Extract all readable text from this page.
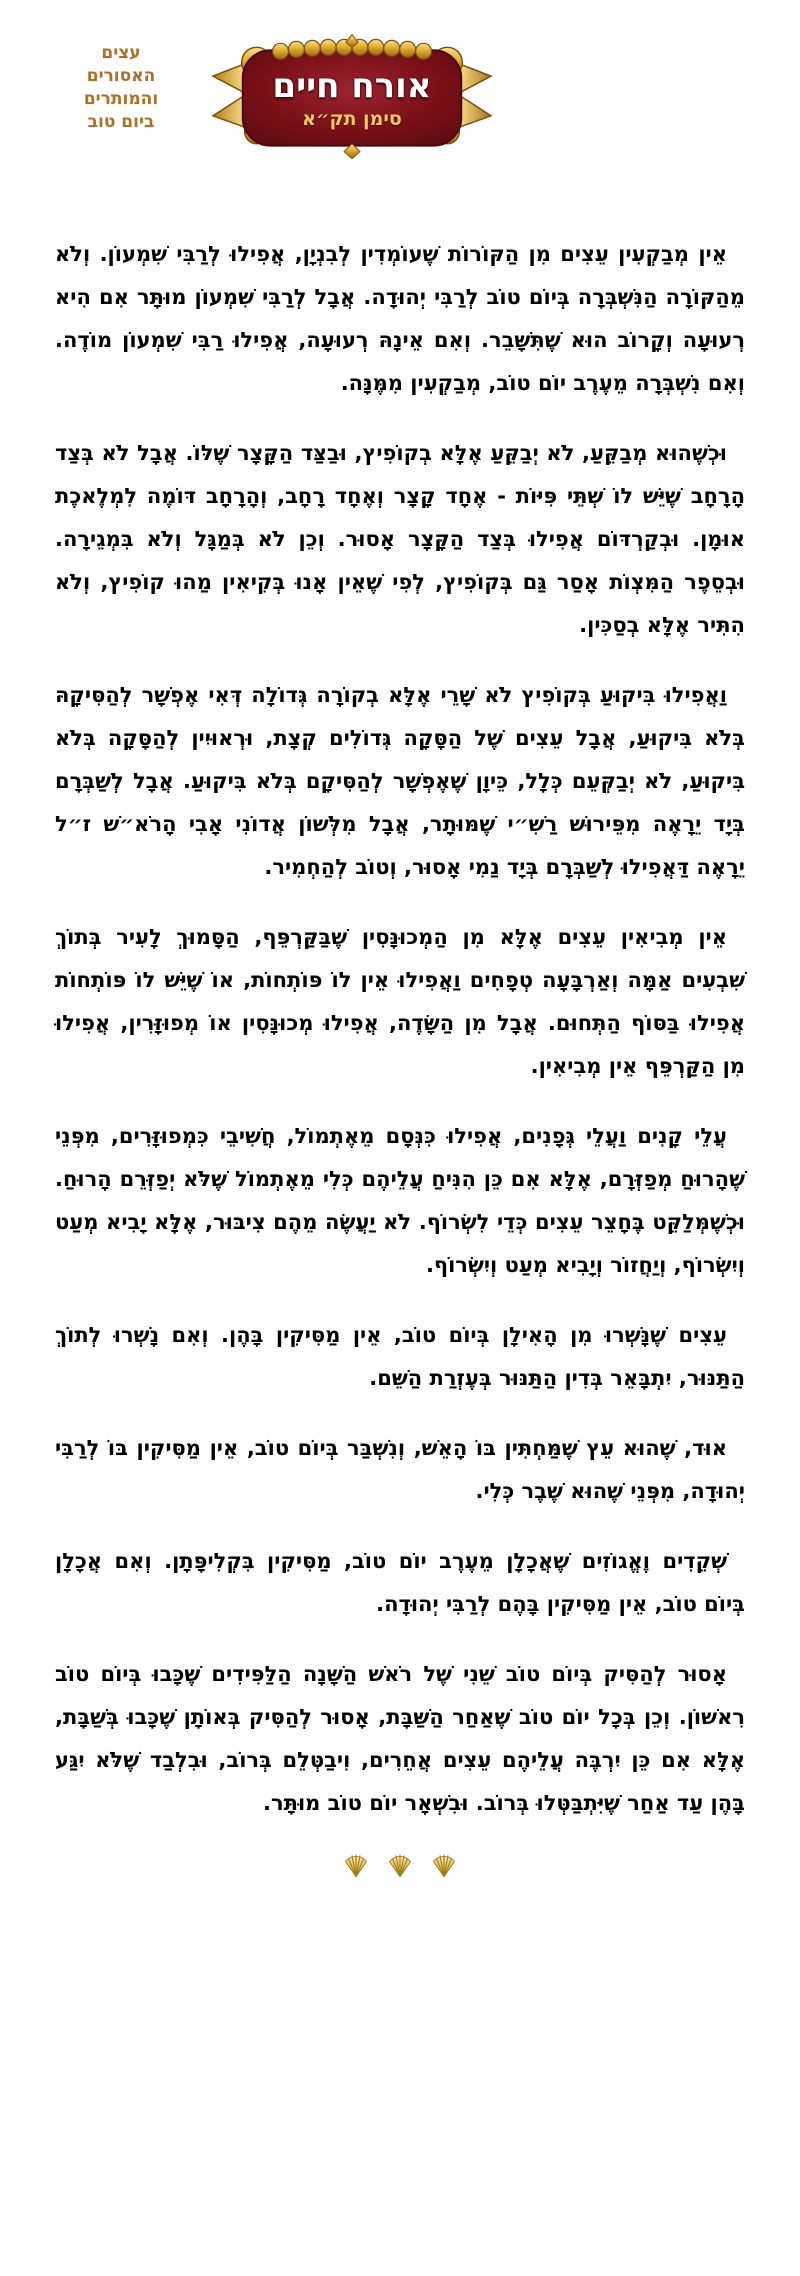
עצים
האסורים
והמותרים
ביום טוב
אורח חיים
סימן תק״א

אֵין מְבַקְעִין עֵצִים מִן הַקּוֹרוֹת שֶׁעוֹמְדִין לְבִנְיָן, אֲפִילוּ לְרַבִּי שִׁמְעוֹן. וְלֹא מֵהַקּוֹרָה הַנִּשְׁבְּרָה בְּיוֹם טוֹב לְרַבִּי יְהוּדָה. אֲבָל לְרַבִּי שִׁמְעוֹן מוּתָּר אִם הִיא רְעוּעָה וְקָרוֹב הוּא שֶׁתִּשָּׁבֵר. וְאִם אֵינָהּ רְעוּעָה, אֲפִילוּ רַבִּי שִׁמְעוֹן מוֹדֶה. וְאִם נִשְׁבְּרָה מֵעֶרֶב יוֹם טוֹב, מְבַקְעִין מִמֶּנָּה.

וּכְשֶׁהוּא מְבַקֵּעַ, לֹא יְבַקֵּעַ אֶלָּא בְקוֹפִיץ, וּבַצַּד הַקָּצָר שֶׁלּוֹ. אֲבָל לֹא בְּצַד הָרָחָב שֶׁיֵּשׁ לוֹ שְׁתֵּי פִּיּוֹת - אֶחָד קָצָר וְאֶחָד רָחָב, וְהָרָחָב דּוֹמֶה לִמְלֶאכֶת אוּמָן. וּבְקַרְדּוֹם אֲפִילוּ בְּצַד הַקָּצָר אָסוּר. וְכֵן לֹא בְּמַגָּל וְלֹא בִּמְגֵירָה. וּבְסֵפֶר הַמִּצְוֹת אָסַר גַּם בְּקוֹפִיץ, לְפִי שֶׁאֵין אָנוּ בְּקִיאִין מַהוּ קוֹפִיץ, וְלֹא הִתִּיר אֶלָּא בְסַכִּין.

וַאֲפִילוּ בִּיקוּעַ בְּקוֹפִיץ לֹא שָׁרֵי אֶלָּא בְקוֹרָה גְּדוֹלָה דְּאִי אֶפְשָׁר לְהַסִּיקָהּ בְּלֹא בִּיקוּעַ, אֲבָל עֵצִים שֶׁל הַסָּקָה גְּדוֹלִים קְצָת, וּרְאוּיִין לְהַסָּקָה בְּלֹא בִּיקוּעַ, לֹא יְבַקְּעֵם כְּלָל, כֵּיוָן שֶׁאֶפְשָׁר לְהַסִּיקָם בְּלֹא בִּיקוּעַ. אֲבָל לְשַׁבְּרָם בְּיָד יֵרָאֶה מִפֵּירוּשׁ רַשִׁ״י שֶׁמּוּתָר, אֲבָל מִלְּשׁוֹן אֲדוֹנִי אָבִי הָרֹא״שׁ ז״ל יֵרָאֶה דַּאֲפִילוּ לְשַׁבְּרָם בְּיָד נַמִי אָסוּר, וְטוֹב לְהַחְמִיר.

אֵין מְבִיאִין עֵצִים אֶלָּא מִן הַמְכוּנָּסִין שֶׁבַּקַּרְפֵּף, הַסָּמוּךְ לָעִיר בְּתוֹךְ שִׁבְעִים אַמָּה וְאַרְבָּעָה טְפָחִים וַאֲפִילוּ אֵין לוֹ פּוֹתְחוֹת, אוֹ שֶׁיֵּשׁ לוֹ פּוֹתְחוֹת אֲפִילוּ בַּסּוֹף הַתְּחוּם. אֲבָל מִן הַשָּׂדֶה, אֲפִילוּ מְכוּנָּסִין אוֹ מְפוּזָּרִין, אֲפִילוּ מִן הַקַּרְפֵּף אֵין מְבִיאִין.

עֲלֵי קָנִים וַעֲלֵי גְּפָנִים, אֲפִילוּ כִּנְּסָם מֵאֶתְמוֹל, חֲשִׁיבֵי כִּמְפוּזָּרִים, מִפְּנֵי שֶׁהָרוּחַ מְפַזְּרָם, אֶלָּא אִם כֵּן הִנִּיחַ עֲלֵיהֶם כְּלִי מֵאֶתְמוֹל שֶׁלֹּא יְפַזְּרֵם הָרוּחַ. וּכְשֶׁמְּלַקֵּט בֶּחָצֵר עֵצִים כְּדֵי לִשְׂרוֹף. לֹא יַעֲשֶׂה מֵהֶם צִיבּוּר, אֶלָּא יָבִיא מְעַט וְיִשְׂרוֹף, וְיַחֲזוֹר וְיָבִיא מְעַט וְיִשְׂרוֹף.

עֵצִים שֶׁנָּשְׁרוּ מִן הָאִילָן בְּיוֹם טוֹב, אֵין מַסִּיקִין בָּהֶן. וְאִם נָשְׁרוּ לְתוֹךְ הַתַּנּוּר, יִתְבָּאֵר בְּדִין הַתַּנּוּר בְּעֶזְרַת הַשֵּׁם.

אוּד, שֶׁהוּא עֵץ שֶׁמַּחְתִּין בּוֹ הָאֵשׁ, וְנִשְׁבַּר בְּיוֹם טוֹב, אֵין מַסִּיקִין בּוֹ לְרַבִּי יְהוּדָה, מִפְּנֵי שֶׁהוּא שֶׁבֶר כְּלִי.

שְׁקֵדִים וֶאֱגוֹזִים שֶׁאֲכָלָן מֵעֶרֶב יוֹם טוֹב, מַסִּיקִין בִּקְלִיפָּתָן. וְאִם אֲכָלָן בְּיוֹם טוֹב, אֵין מַסִּיקִין בָּהֶם לְרַבִּי יְהוּדָה.

אָסוּר לְהַסִּיק בְּיוֹם טוֹב שֵׁנִי שֶׁל רֹאשׁ הַשָּׁנָה הַלַּפִּידִים שֶׁכָּבוּ בְּיוֹם טוֹב רִאשׁוֹן. וְכֵן בְּכָל יוֹם טוֹב שֶׁאַחַר הַשַּׁבָּת, אָסוּר לְהַסִּיק בְּאוֹתָן שֶׁכָּבוּ בְּשַׁבָּת, אֶלָּא אִם כֵּן יִרְבֶּה עֲלֵיהֶם עֵצִים אֲחֵרִים, וִיבַטְּלֵם בְּרוֹב, וּבִלְבַד שֶׁלֹּא יִגַּע בָּהֶן עַד אַחַר שֶׁיִּתְבַּטְּלוּ בְּרוֹב. וּבִשְׁאָר יוֹם טוֹב מוּתָּר.
